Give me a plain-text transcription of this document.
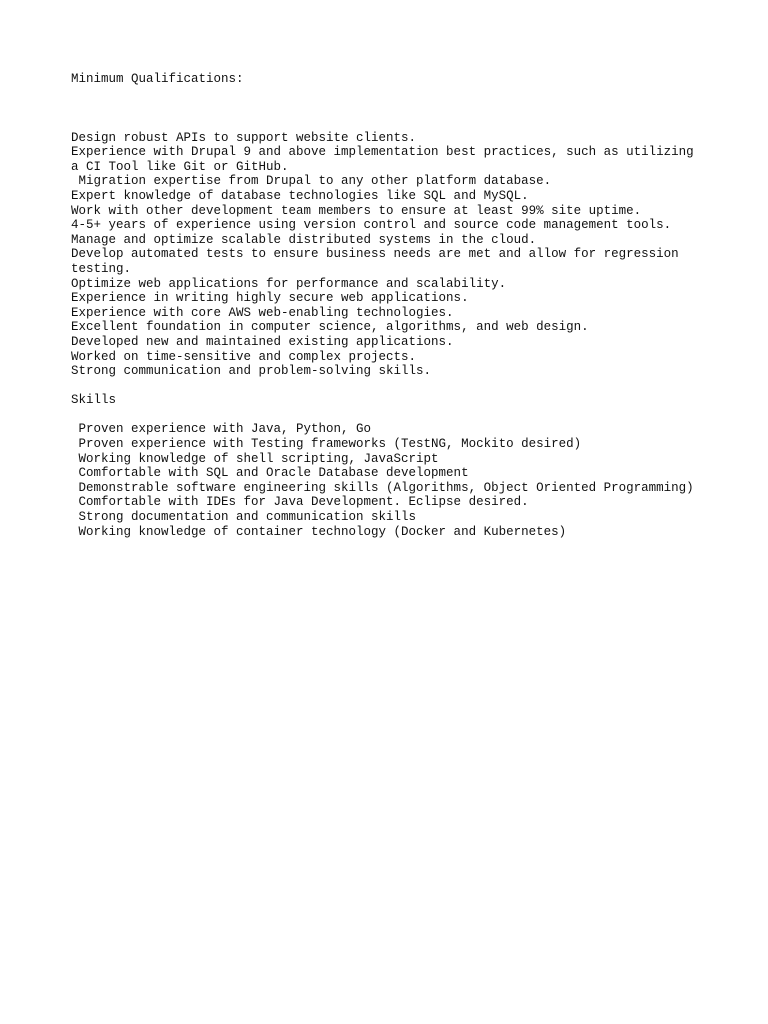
Minimum Qualifications:
Design robust APIs to support website clients.
Experience with Drupal 9 and above implementation best practices, such as utilizing
a CI Tool like Git or GitHub.
Migration expertise from Drupal to any other platform database.
Expert knowledge of database technologies like SQL and MySQL.
Work with other development team members to ensure at least 99% site uptime.
4-5+ years of experience using version control and source code management tools.
Manage and optimize scalable distributed systems in the cloud.
Develop automated tests to ensure business needs are met and allow for regression
testing.
Optimize web applications for performance and scalability.
Experience in writing highly secure web applications.
Experience with core AWS web-enabling technologies.
Excellent foundation in computer science, algorithms, and web design.
Developed new and maintained existing applications.
Worked on time-sensitive and complex projects.
Strong communication and problem-solving skills.
Skills
Proven experience with Java, Python, Go
Proven experience with Testing frameworks (TestNG, Mockito desired)
Working knowledge of shell scripting, JavaScript
Comfortable with SQL and Oracle Database development
Demonstrable software engineering skills (Algorithms, Object Oriented Programming)
Comfortable with IDEs for Java Development. Eclipse desired.
Strong documentation and communication skills
Working knowledge of container technology (Docker and Kubernetes)
